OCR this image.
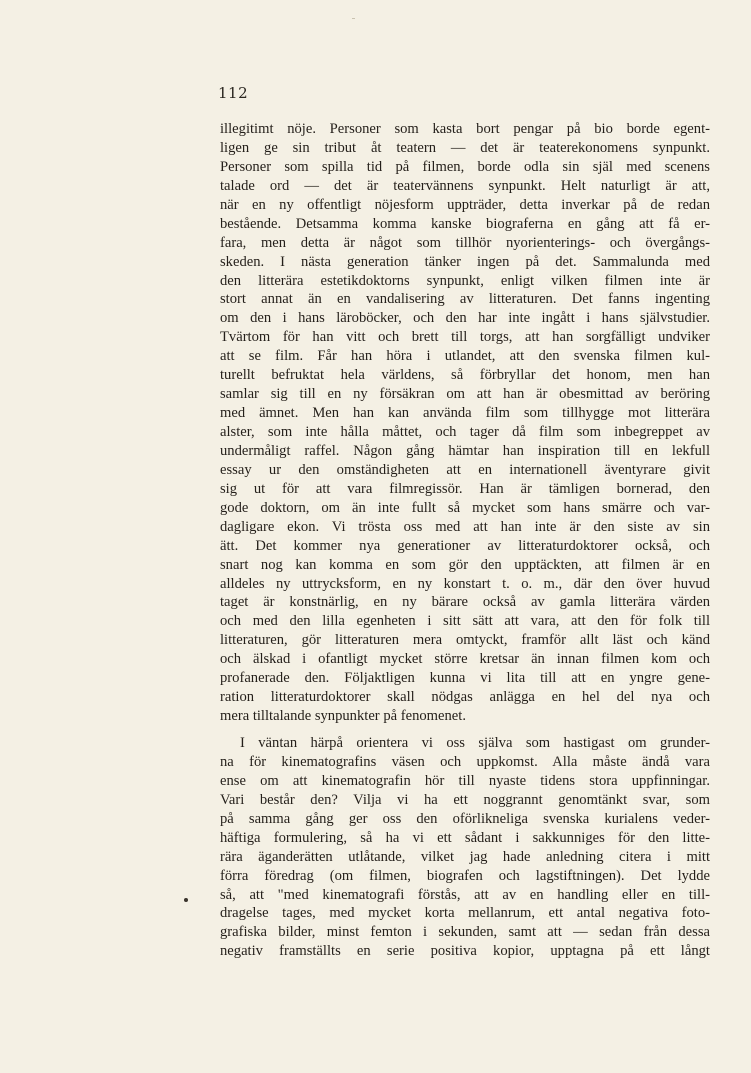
112
illegitimt nöje. Personer som kasta bort pengar på bio borde egent-
ligen ge sin tribut åt teatern — det är teaterekonomens synpunkt.
Personer som spilla tid på filmen, borde odla sin själ med scenens
talade ord — det är teatervännens synpunkt. Helt naturligt är att,
när en ny offentligt nöjesform uppträder, detta inverkar på de redan
bestående. Detsamma komma kanske biograferna en gång att få er-
fara, men detta är något som tillhör nyorienterings- och övergångs-
skeden. I nästa generation tänker ingen på det. Sammalunda med
den litterära estetikdoktorns synpunkt, enligt vilken filmen inte är
stort annat än en vandalisering av litteraturen. Det fanns ingenting
om den i hans läroböcker, och den har inte ingått i hans självstudier.
Tvärtom för han vitt och brett till torgs, att han sorgfälligt undviker
att se film. Får han höra i utlandet, att den svenska filmen kul-
turellt befruktat hela världens, så förbryllar det honom, men han
samlar sig till en ny försäkran om att han är obesmittad av beröring
med ämnet. Men han kan använda film som tillhygge mot litterära
alster, som inte hålla måttet, och tager då film som inbegreppet av
undermåligt raffel. Någon gång hämtar han inspiration till en lekfull
essay ur den omständigheten att en internationell äventyrare givit
sig ut för att vara filmregissör. Han är tämligen bornerad, den
gode doktorn, om än inte fullt så mycket som hans smärre och var-
dagligare ekon. Vi trösta oss med att han inte är den siste av sin
ätt. Det kommer nya generationer av litteraturdoktorer också, och
snart nog kan komma en som gör den upptäckten, att filmen är en
alldeles ny uttrycksform, en ny konstart t. o. m., där den över huvud
taget är konstnärlig, en ny bärare också av gamla litterära värden
och med den lilla egenheten i sitt sätt att vara, att den för folk till
litteraturen, gör litteraturen mera omtyckt, framför allt läst och känd
och älskad i ofantligt mycket större kretsar än innan filmen kom och
profanerade den. Följaktligen kunna vi lita till att en yngre gene-
ration litteraturdoktorer skall nödgas anlägga en hel del nya och
mera tilltalande synpunkter på fenomenet.
I väntan härpå orientera vi oss själva som hastigast om grunder-
na för kinematografins väsen och uppkomst. Alla måste ändå vara
ense om att kinematografin hör till nyaste tidens stora uppfinningar.
Vari består den? Vilja vi ha ett noggrannt genomtänkt svar, som
på samma gång ger oss den oförlikneliga svenska kurialens veder-
häftiga formulering, så ha vi ett sådant i sakkunniges för den litte-
rära äganderätten utlåtande, vilket jag hade anledning citera i mitt
förra föredrag (om filmen, biografen och lagstiftningen). Det lydde
så, att "med kinematografi förstås, att av en handling eller en till-
dragelse tages, med mycket korta mellanrum, ett antal negativa foto-
grafiska bilder, minst femton i sekunden, samt att — sedan från dessa
negativ framställts en serie positiva kopior, upptagna på ett långt
